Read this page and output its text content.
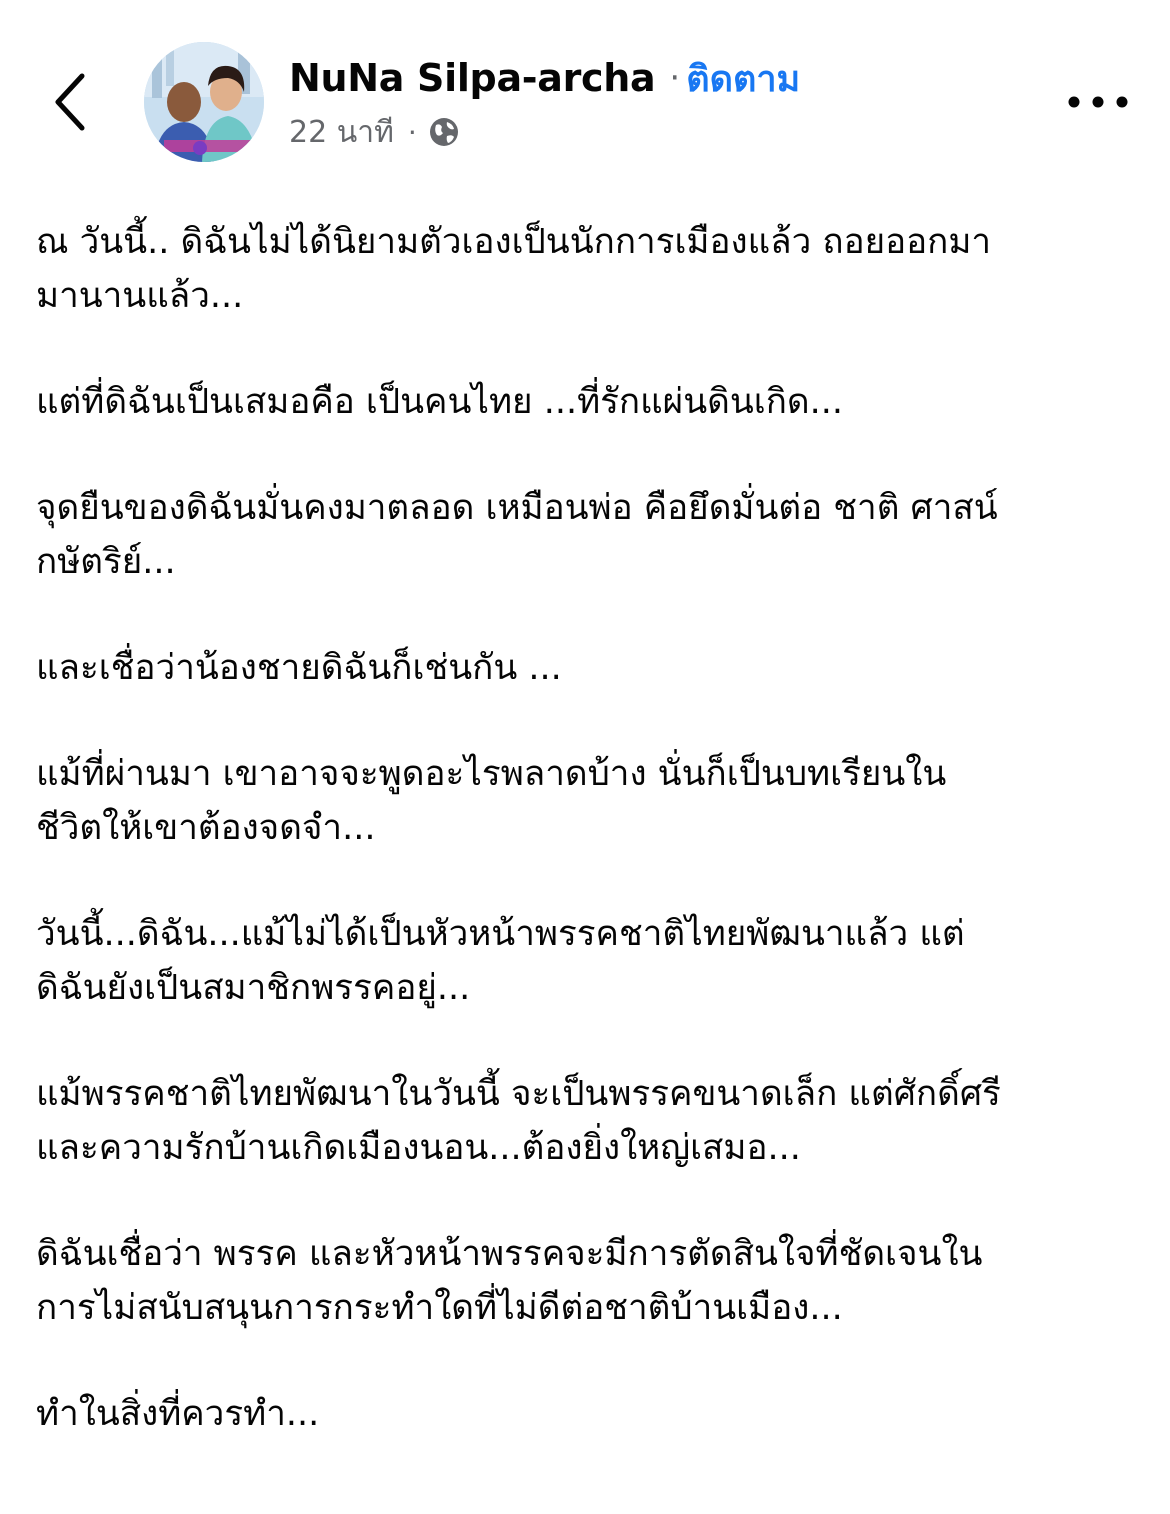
NuNa Silpa-archa · ติดตาม
22 นาที ·

ณ วันนี้.. ดิฉันไม่ได้นิยามตัวเองเป็นนักการเมืองแล้ว ถอยออกมา
มานานแล้ว...

แต่ที่ดิฉันเป็นเสมอคือ เป็นคนไทย ...ที่รักแผ่นดินเกิด...

จุดยืนของดิฉันมั่นคงมาตลอด เหมือนพ่อ คือยึดมั่นต่อ ชาติ ศาสน์
กษัตริย์...

และเชื่อว่าน้องชายดิฉันก็เช่นกัน ...

แม้ที่ผ่านมา เขาอาจจะพูดอะไรพลาดบ้าง นั่นก็เป็นบทเรียนใน
ชีวิตให้เขาต้องจดจำ...

วันนี้...ดิฉัน...แม้ไม่ได้เป็นหัวหน้าพรรคชาติไทยพัฒนาแล้ว แต่
ดิฉันยังเป็นสมาชิกพรรคอยู่...

แม้พรรคชาติไทยพัฒนาในวันนี้ จะเป็นพรรคขนาดเล็ก แต่ศักดิ์ศรี
และความรักบ้านเกิดเมืองนอน...ต้องยิ่งใหญ่เสมอ...

ดิฉันเชื่อว่า พรรค และหัวหน้าพรรคจะมีการตัดสินใจที่ชัดเจนใน
การไม่สนับสนุนการกระทำใดที่ไม่ดีต่อชาติบ้านเมือง...

ทำในสิ่งที่ควรทำ...
